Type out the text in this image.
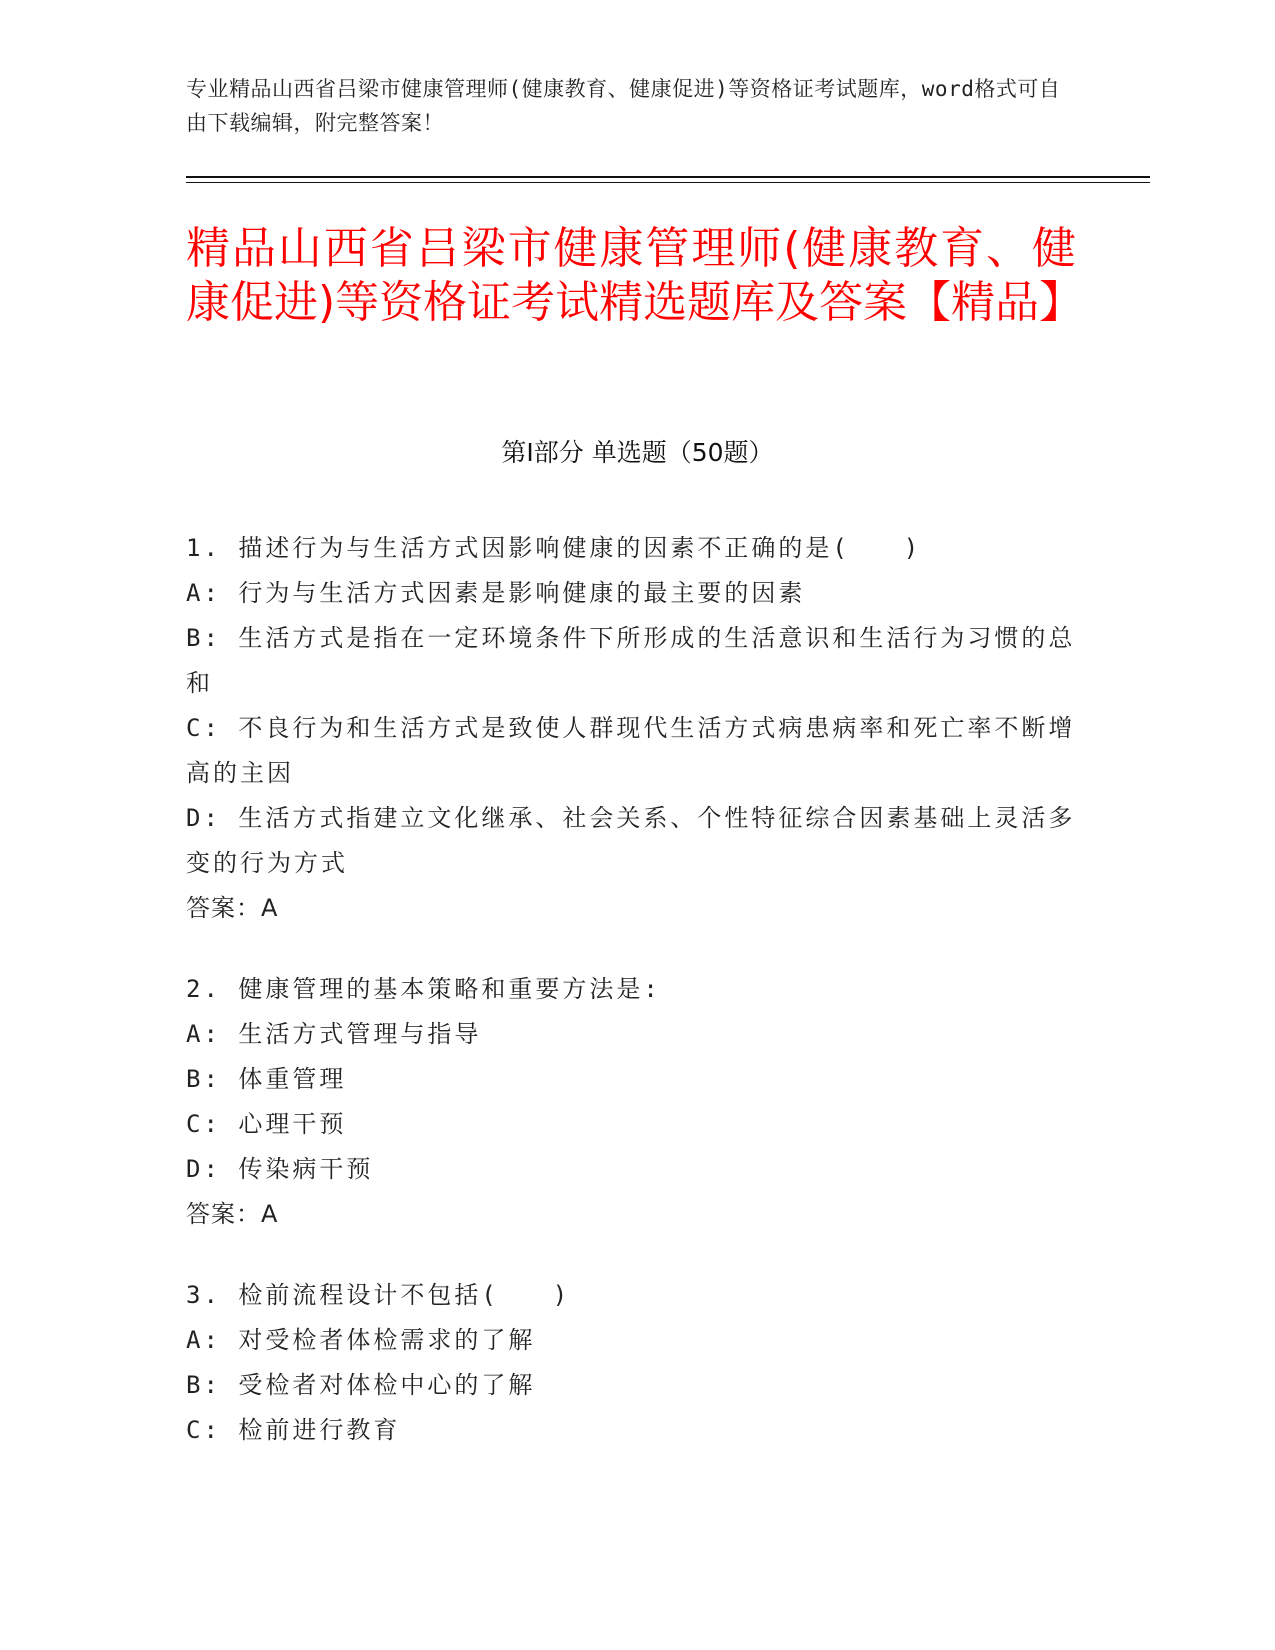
专业精品山西省吕梁市健康管理师(健康教育、健康促进)等资格证考试题库，word格式可自由下载编辑，附完整答案！
精品山西省吕梁市健康管理师(健康教育、健康促进)等资格证考试精选题库及答案【精品】
第Ⅰ部分 单选题（50题）
1. 描述行为与生活方式因影响健康的因素不正确的是(　　)
A: 行为与生活方式因素是影响健康的最主要的因素
B: 生活方式是指在一定环境条件下所形成的生活意识和生活行为习惯的总和
C: 不良行为和生活方式是致使人群现代生活方式病患病率和死亡率不断增高的主因
D: 生活方式指建立文化继承、社会关系、个性特征综合因素基础上灵活多变的行为方式
答案：A
2. 健康管理的基本策略和重要方法是:
A: 生活方式管理与指导
B: 体重管理
C: 心理干预
D: 传染病干预
答案：A
3. 检前流程设计不包括(　　)
A: 对受检者体检需求的了解
B: 受检者对体检中心的了解
C: 检前进行教育
